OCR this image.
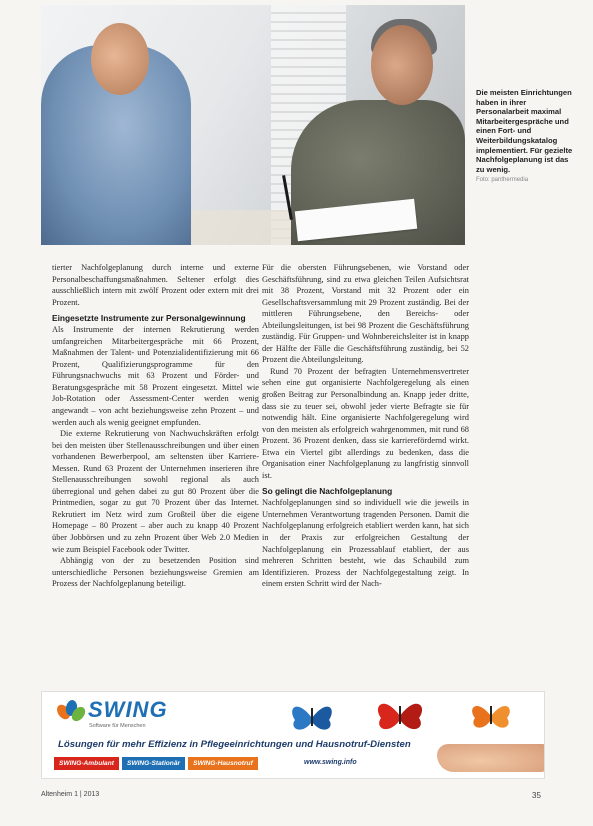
Die meisten Einrichtungen haben in ihrer Personalarbeit maximal Mitarbeitergespräche und einen Fort- und Weiterbildungskatalog implementiert. Für gezielte Nachfolgeplanung ist das zu wenig.
Foto: panthermedia

tierter Nachfolgeplanung durch interne und externe Personalbeschaffungsmaßnahmen. Seltener erfolgt dies ausschließlich intern mit zwölf Prozent oder extern mit drei Prozent.

Eingesetzte Instrumente zur Personalgewinnung

Als Instrumente der internen Rekrutierung werden umfangreichen Mitarbeitergespräche mit 66 Prozent, Maßnahmen der Talent- und Potenzialidentifizierung mit 66 Prozent, Qualifizierungsprogramme für den Führungsnachwuchs mit 63 Prozent und Förder- und Beratungsgespräche mit 58 Prozent eingesetzt. Mittel wie Job-Rotation oder Assessment-Center werden wenig angewandt – von acht beziehungsweise zehn Prozent – und werden auch als wenig geeignet empfunden.

Die externe Rekrutierung von Nachwuchskräften erfolgt bei den meisten über Stellenausschreibungen und über einen vorhandenen Bewerberpool, am seltensten über Karriere-Messen. Rund 63 Prozent der Unternehmen inserieren ihre Stellenausschreibungen sowohl regional als auch überregional und gehen dabei zu gut 80 Prozent über die Printmedien, sogar zu gut 70 Prozent über das Internet. Rekrutiert im Netz wird zum Großteil über die eigene Homepage – 80 Prozent – aber auch zu knapp 40 Prozent über Jobbörsen und zu zehn Prozent über Web 2.0 Medien wie zum Beispiel Facebook oder Twitter.

Abhängig von der zu besetzenden Position sind unterschiedliche Personen beziehungsweise Gremien am Prozess der Nachfolgeplanung beteiligt.

Für die obersten Führungsebenen, wie Vorstand oder Geschäftsführung, sind zu etwa gleichen Teilen Aufsichtsrat mit 38 Prozent, Vorstand mit 32 Prozent oder ein Gesellschaftsversammlung mit 29 Prozent zuständig. Bei der mittleren Führungsebene, den Bereichs- oder Abteilungsleitungen, ist bei 98 Prozent die Geschäftsführung zuständig. Für Gruppen- und Wohnbereichsleiter ist in knapp der Hälfte der Fälle die Geschäftsführung zuständig, bei 52 Prozent die Abteilungsleitung.

Rund 70 Prozent der befragten Unternehmensvertreter sehen eine gut organisierte Nachfolgeregelung als einen großen Beitrag zur Personalbindung an. Knapp jeder dritte, dass sie zu teuer sei, obwohl jeder vierte Befragte sie für notwendig hält. Eine organisierte Nachfolgeregelung wird von den meisten als erfolgreich wahrgenommen, mit rund 68 Prozent. 36 Prozent denken, dass sie karrierefördernd wirkt. Etwa ein Viertel gibt allerdings zu bedenken, dass die Organisation einer Nachfolgeplanung zu langfristig sinnvoll ist.

So gelingt die Nachfolgeplanung

Nachfolgeplanungen sind so individuell wie die jeweils in Unternehmen Verantwortung tragenden Personen. Damit die Nachfolgeplanung erfolgreich etabliert werden kann, hat sich in der Praxis zur erfolgreichen Gestaltung der Nachfolgeplanung ein Prozessablauf etabliert, der aus mehreren Schritten besteht, wie das Schaubild zum Identifizieren. Prozess der Nachfolgegestaltung zeigt. In einem ersten Schritt wird der Nach-

SWING
Software für Menschen
Lösungen für mehr Effizienz in Pflegeeinrichtungen und Hausnotruf-Diensten
SWING-Ambulant	SWING-Stationär	SWING-Hausnotruf	www.swing.info
Altenheim 1 | 2013	35
